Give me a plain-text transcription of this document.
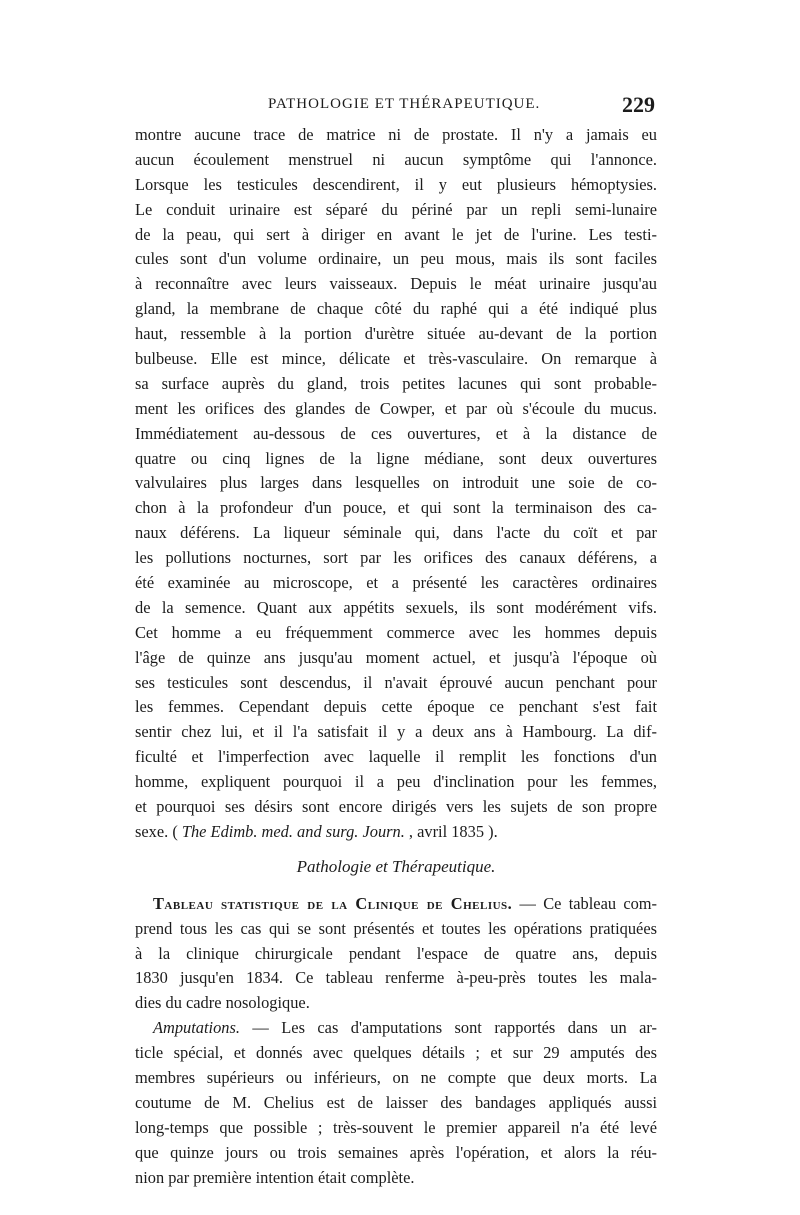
PATHOLOGIE ET THÉRAPEUTIQUE.	229
montre aucune trace de matrice ni de prostate. Il n'y a jamais eu
aucun écoulement menstruel ni aucun symptôme qui l'annonce.
Lorsque les testicules descendirent, il y eut plusieurs hémoptysies.
Le conduit urinaire est séparé du périné par un repli semi-lunaire
de la peau, qui sert à diriger en avant le jet de l'urine. Les testi-
cules sont d'un volume ordinaire, un peu mous, mais ils sont faciles
à reconnaître avec leurs vaisseaux. Depuis le méat urinaire jusqu'au
gland, la membrane de chaque côté du raphé qui a été indiqué plus
haut, ressemble à la portion d'urètre située au-devant de la portion
bulbeuse. Elle est mince, délicate et très-vasculaire. On remarque à
sa surface auprès du gland, trois petites lacunes qui sont probable-
ment les orifices des glandes de Cowper, et par où s'écoule du mucus.
Immédiatement au-dessous de ces ouvertures, et à la distance de
quatre ou cinq lignes de la ligne médiane, sont deux ouvertures
valvulaires plus larges dans lesquelles on introduit une soie de co-
chon à la profondeur d'un pouce, et qui sont la terminaison des ca-
naux déférens. La liqueur séminale qui, dans l'acte du coït et par
les pollutions nocturnes, sort par les orifices des canaux déférens, a
été examinée au microscope, et a présenté les caractères ordinaires
de la semence. Quant aux appétits sexuels, ils sont modérément vifs.
Cet homme a eu fréquemment commerce avec les hommes depuis
l'âge de quinze ans jusqu'au moment actuel, et jusqu'à l'époque où
ses testicules sont descendus, il n'avait éprouvé aucun penchant pour
les femmes. Cependant depuis cette époque ce penchant s'est fait
sentir chez lui, et il l'a satisfait il y a deux ans à Hambourg. La dif-
ficulté et l'imperfection avec laquelle il remplit les fonctions d'un
homme, expliquent pourquoi il a peu d'inclination pour les femmes,
et pourquoi ses désirs sont encore dirigés vers les sujets de son propre
sexe. ( The Edimb. med. and surg. Journ. , avril 1835 ).
Pathologie et Thérapeutique.
Tableau statistique de la Clinique de Chelius. — Ce tableau com-
prend tous les cas qui se sont présentés et toutes les opérations pratiquées
à la clinique chirurgicale pendant l'espace de quatre ans, depuis
1830 jusqu'en 1834. Ce tableau renferme à-peu-près toutes les mala-
dies du cadre nosologique.
Amputations. — Les cas d'amputations sont rapportés dans un ar-
ticle spécial, et donnés avec quelques détails ; et sur 29 amputés des
membres supérieurs ou inférieurs, on ne compte que deux morts. La
coutume de M. Chelius est de laisser des bandages appliqués aussi
long-temps que possible ; très-souvent le premier appareil n'a été levé
que quinze jours ou trois semaines après l'opération, et alors la réu-
nion par première intention était complète.
